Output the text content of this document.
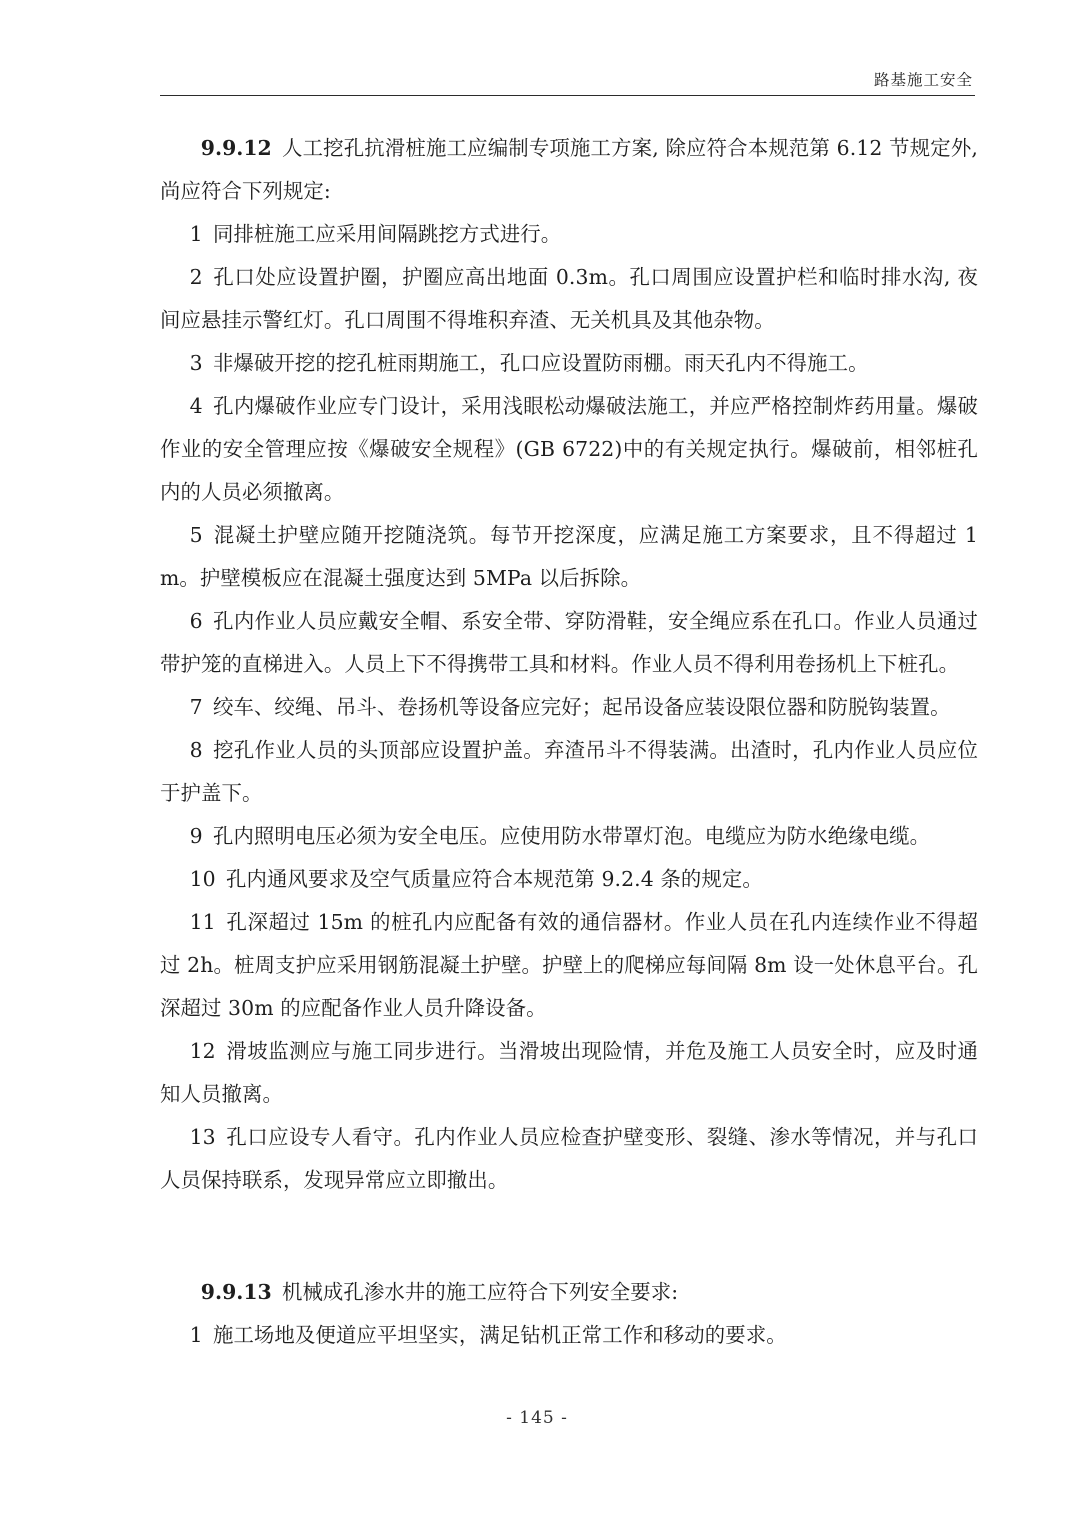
路基施工安全

9.9.12 人工挖孔抗滑桩施工应编制专项施工方案, 除应符合本规范第 6.12 节规定外, 尚应符合下列规定:

1 同排桩施工应采用间隔跳挖方式进行。

2 孔口处应设置护圈，护圈应高出地面 0.3m。孔口周围应设置护栏和临时排水沟, 夜间应悬挂示警红灯。孔口周围不得堆积弃渣、无关机具及其他杂物。

3 非爆破开挖的挖孔桩雨期施工，孔口应设置防雨棚。雨天孔内不得施工。

4 孔内爆破作业应专门设计，采用浅眼松动爆破法施工，并应严格控制炸药用量。爆破作业的安全管理应按《爆破安全规程》(GB 6722)中的有关规定执行。爆破前，相邻桩孔内的人员必须撤离。

5 混凝土护壁应随开挖随浇筑。每节开挖深度，应满足施工方案要求，且不得超过 1m。护壁模板应在混凝土强度达到 5MPa 以后拆除。

6 孔内作业人员应戴安全帽、系安全带、穿防滑鞋，安全绳应系在孔口。作业人员通过带护笼的直梯进入。人员上下不得携带工具和材料。作业人员不得利用卷扬机上下桩孔。

7 绞车、绞绳、吊斗、卷扬机等设备应完好；起吊设备应装设限位器和防脱钩装置。

8 挖孔作业人员的头顶部应设置护盖。弃渣吊斗不得装满。出渣时，孔内作业人员应位于护盖下。

9 孔内照明电压必须为安全电压。应使用防水带罩灯泡。电缆应为防水绝缘电缆。

10 孔内通风要求及空气质量应符合本规范第 9.2.4 条的规定。

11 孔深超过 15m 的桩孔内应配备有效的通信器材。作业人员在孔内连续作业不得超过 2h。桩周支护应采用钢筋混凝土护壁。护壁上的爬梯应每间隔 8m 设一处休息平台。孔深超过 30m 的应配备作业人员升降设备。

12 滑坡监测应与施工同步进行。当滑坡出现险情，并危及施工人员安全时，应及时通知人员撤离。

13 孔口应设专人看守。孔内作业人员应检查护壁变形、裂缝、渗水等情况，并与孔口人员保持联系，发现异常应立即撤出。

9.9.13 机械成孔渗水井的施工应符合下列安全要求:

1 施工场地及便道应平坦坚实，满足钻机正常工作和移动的要求。

- 145 -
